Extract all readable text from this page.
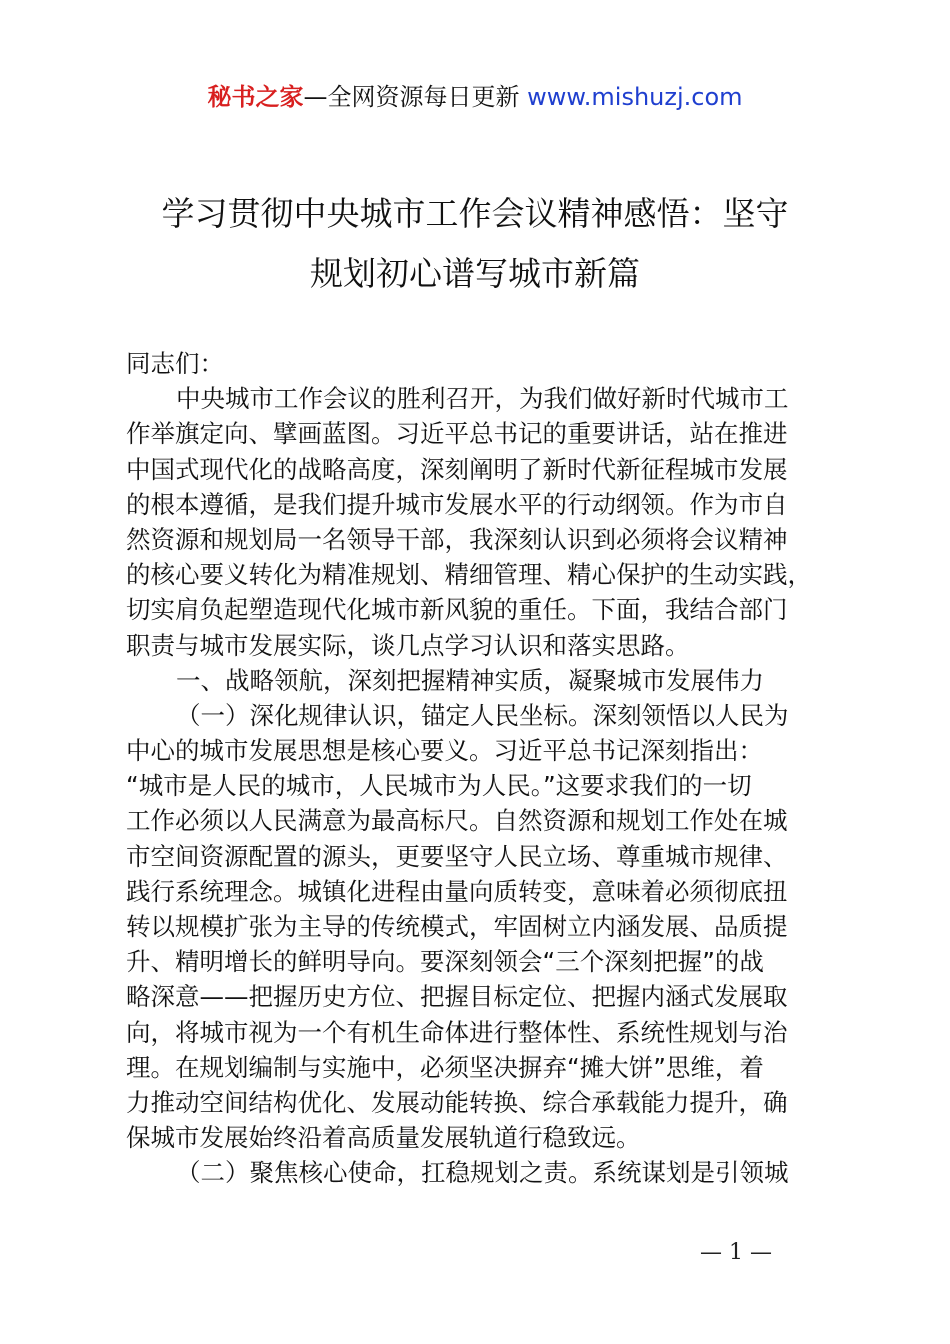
秘书之家—全网资源每日更新 www.mishuzj.com
学习贯彻中央城市工作会议精神感悟：坚守
规划初心谱写城市新篇
同志们：
中央城市工作会议的胜利召开，为我们做好新时代城市工
作举旗定向、擘画蓝图。习近平总书记的重要讲话，站在推进
中国式现代化的战略高度，深刻阐明了新时代新征程城市发展
的根本遵循，是我们提升城市发展水平的行动纲领。作为市自
然资源和规划局一名领导干部，我深刻认识到必须将会议精神
的核心要义转化为精准规划、精细管理、精心保护的生动实践，
切实肩负起塑造现代化城市新风貌的重任。下面，我结合部门
职责与城市发展实际，谈几点学习认识和落实思路。
一、战略领航，深刻把握精神实质，凝聚城市发展伟力
（一）深化规律认识，锚定人民坐标。深刻领悟以人民为
中心的城市发展思想是核心要义。习近平总书记深刻指出：
“城市是人民的城市，人民城市为人民。”这要求我们的一切
工作必须以人民满意为最高标尺。自然资源和规划工作处在城
市空间资源配置的源头，更要坚守人民立场、尊重城市规律、
践行系统理念。城镇化进程由量向质转变，意味着必须彻底扭
转以规模扩张为主导的传统模式，牢固树立内涵发展、品质提
升、精明增长的鲜明导向。要深刻领会“三个深刻把握”的战
略深意——把握历史方位、把握目标定位、把握内涵式发展取
向，将城市视为一个有机生命体进行整体性、系统性规划与治
理。在规划编制与实施中，必须坚决摒弃“摊大饼”思维，着
力推动空间结构优化、发展动能转换、综合承载能力提升，确
保城市发展始终沿着高质量发展轨道行稳致远。
（二）聚焦核心使命，扛稳规划之责。系统谋划是引领城
— 1 —
